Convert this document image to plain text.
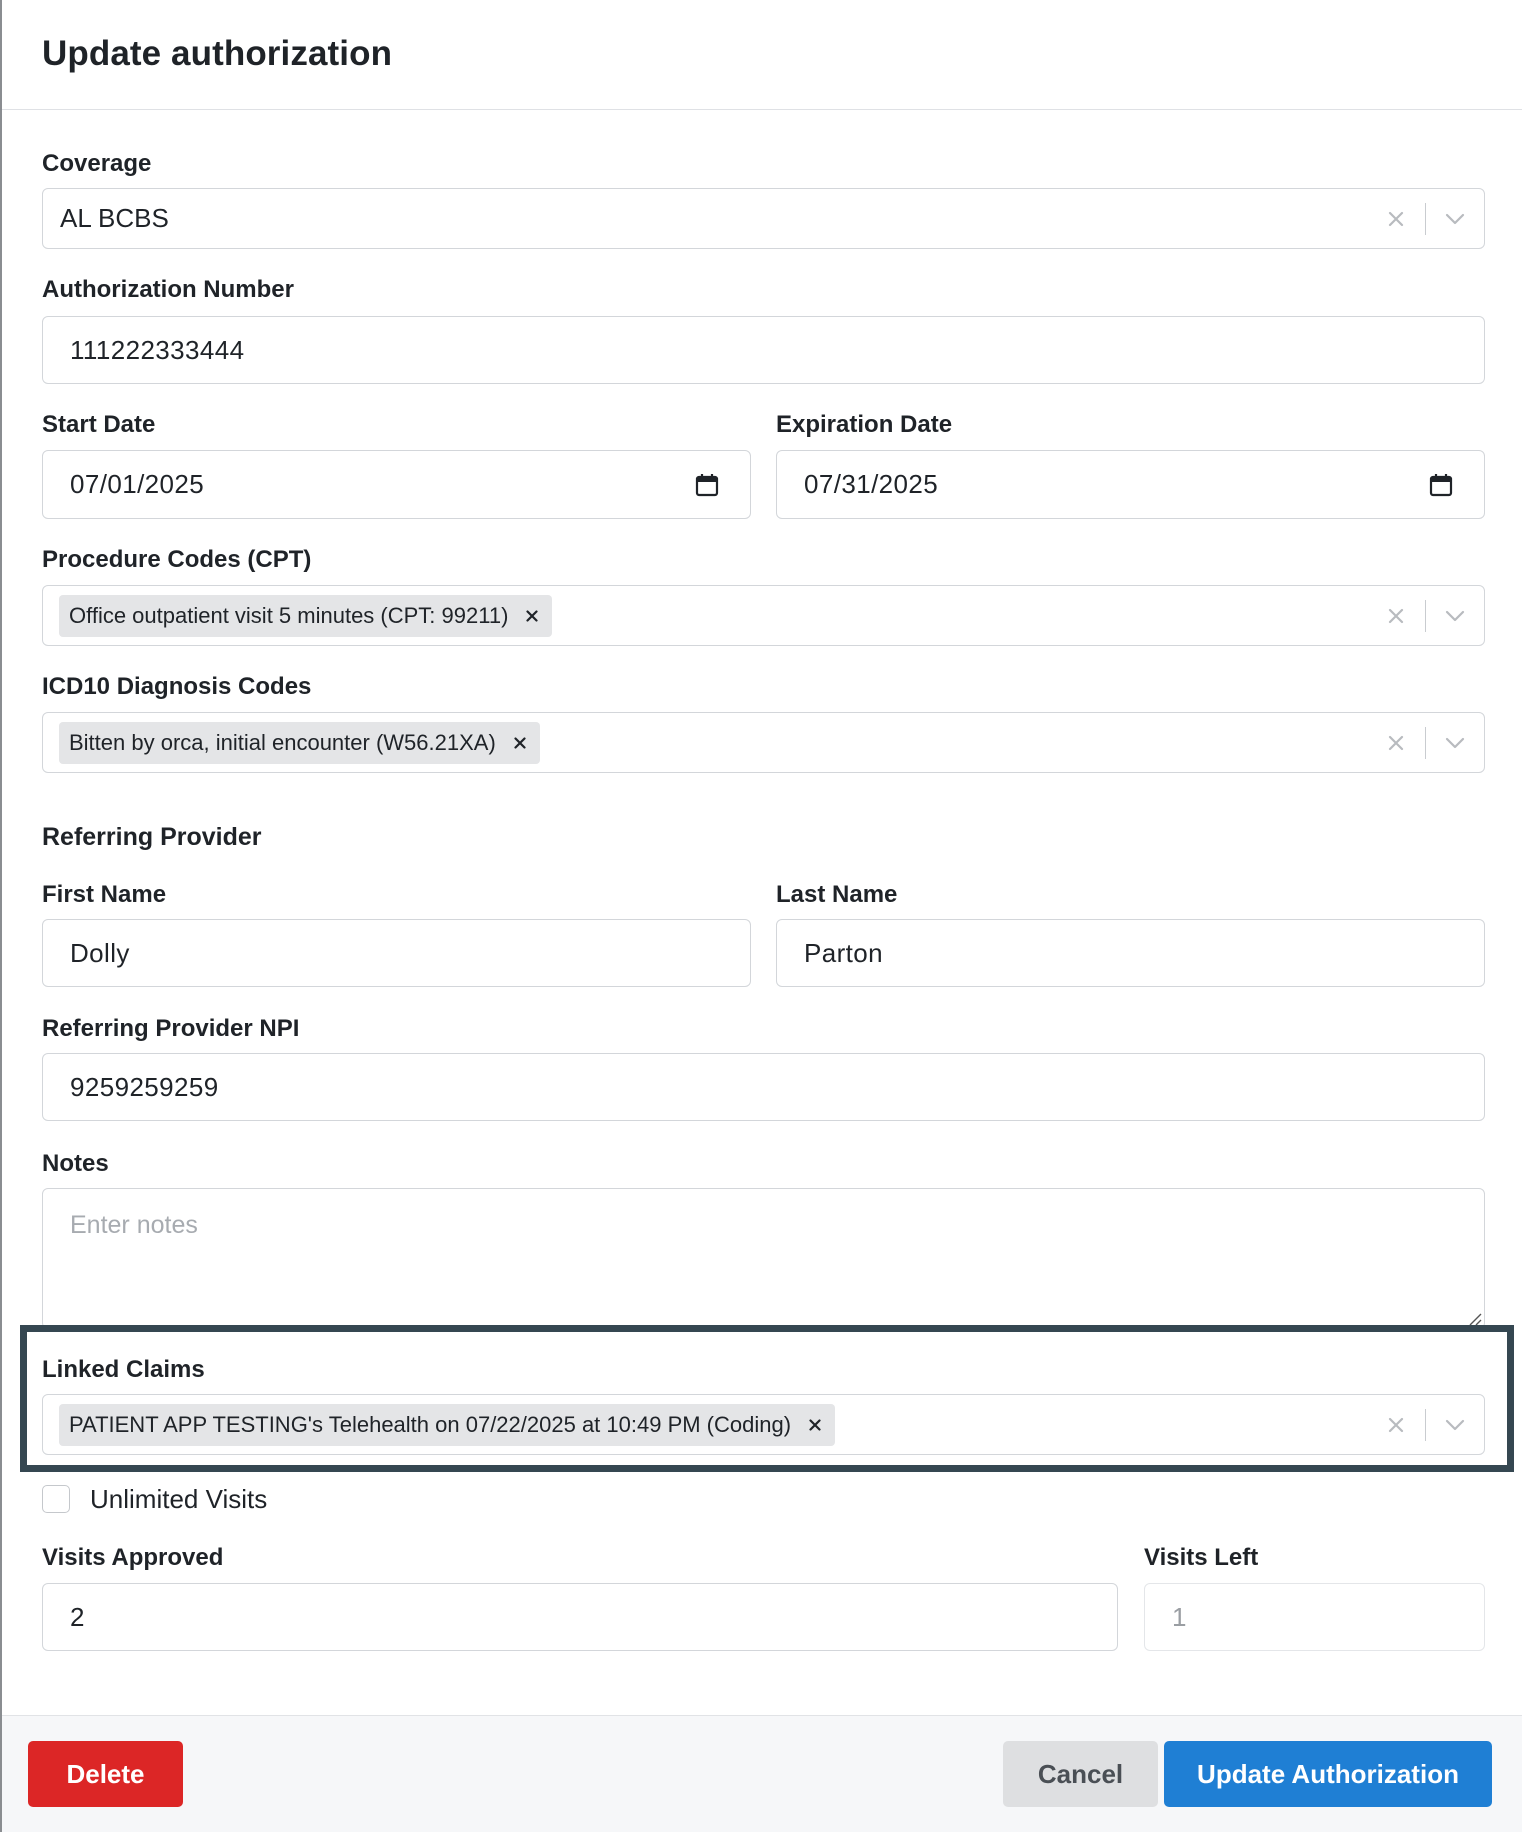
Update authorization
Coverage
AL BCBS
Authorization Number
111222333444
Start Date
07/01/2025
Expiration Date
07/31/2025
Procedure Codes (CPT)
Office outpatient visit 5 minutes (CPT: 99211)
ICD10 Diagnosis Codes
Bitten by orca, initial encounter (W56.21XA)
Referring Provider
First Name
Dolly
Last Name
Parton
Referring Provider NPI
9259259259
Notes
Enter notes
Linked Claims
PATIENT APP TESTING's Telehealth on 07/22/2025 at 10:49 PM (Coding)
Unlimited Visits
Visits Approved
2
Visits Left
1
Delete	Cancel	Update Authorization
